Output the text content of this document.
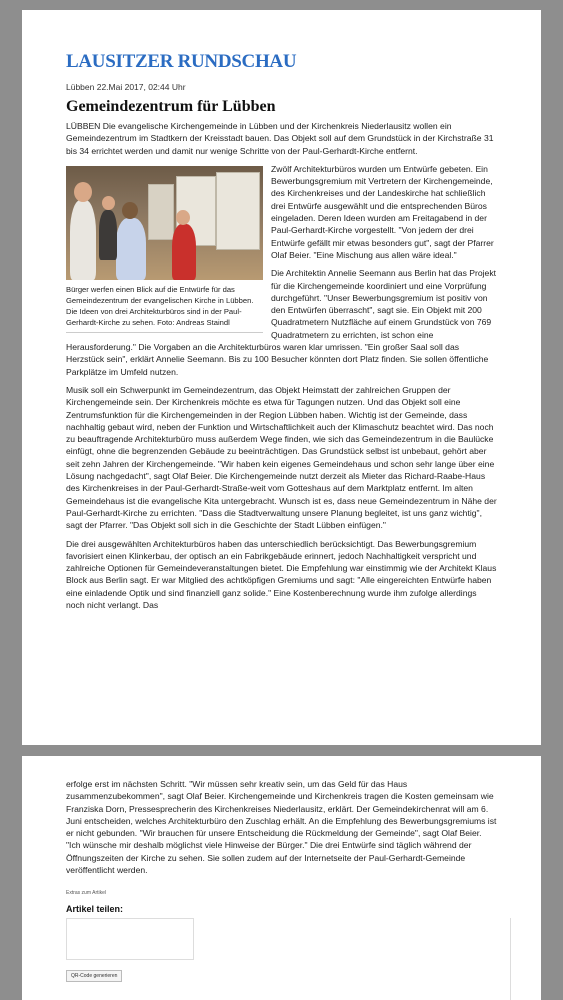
LAUSITZER RUNDSCHAU
Lübben 22.Mai 2017, 02:44 Uhr
Gemeindezentrum für Lübben
LÜBBEN Die evangelische Kirchengemeinde in Lübben und der Kirchenkreis Niederlausitz wollen ein Gemeindezentrum im Stadtkern der Kreisstadt bauen. Das Objekt soll auf dem Grundstück in der Kirchstraße 31 bis 34 errichtet werden und damit nur wenige Schritte von der Paul-Gerhardt-Kirche entfernt.
Bürger werfen einen Blick auf die Entwürfe für das Gemeindezentrum der evangelischen Kirche in Lübben. Die Ideen von drei Architekturbüros sind in der Paul-Gerhardt-Kirche zu sehen. Foto: Andreas Staindl
Zwölf Architekturbüros wurden um Entwürfe gebeten. Ein Bewerbungsgremium mit Vertretern der Kirchengemeinde, des Kirchenkreises und der Landeskirche hat schließlich drei Entwürfe ausgewählt und die entsprechenden Büros eingeladen. Deren Ideen wurden am Freitagabend in der Paul-Gerhardt-Kirche vorgestellt. "Von jedem der drei Entwürfe gefällt mir etwas besonders gut", sagt der Pfarrer Olaf Beier. "Eine Mischung aus allen wäre ideal."
Die Architektin Annelie Seemann aus Berlin hat das Projekt für die Kirchengemeinde koordiniert und eine Vorprüfung durchgeführt. "Unser Bewerbungsgremium ist positiv von den Entwürfen überrascht", sagt sie. Ein Objekt mit 200 Quadratmetern Nutzfläche auf einem Grundstück von 769 Quadratmetern zu errichten, ist schon eine Herausforderung." Die Vorgaben an die Architekturbüros waren klar umrissen. "Ein großer Saal soll das Herzstück sein", erklärt Annelie Seemann. Bis zu 100 Besucher könnten dort Platz finden. Sie sollen öffentliche Parkplätze im Umfeld nutzen.
Musik soll ein Schwerpunkt im Gemeindezentrum, das Objekt Heimstatt der zahlreichen Gruppen der Kirchengemeinde sein. Der Kirchenkreis möchte es etwa für Tagungen nutzen. Und das Objekt soll eine Zentrumsfunktion für die Kirchengemeinden in der Region Lübben haben. Wichtig ist der Gemeinde, dass nachhaltig gebaut wird, neben der Funktion und Wirtschaftlichkeit auch der Klimaschutz beachtet wird. Das noch zu beauftragende Architekturbüro muss außerdem Wege finden, wie sich das Gemeindezentrum in die Baulücke einfügt, ohne die begrenzenden Gebäude zu beeinträchtigen. Das Grundstück selbst ist unbebaut, gehört aber seit zehn Jahren der Kirchengemeinde. "Wir haben kein eigenes Gemeindehaus und schon sehr lange über eine Lösung nachgedacht", sagt Olaf Beier. Die Kirchengemeinde nutzt derzeit als Mieter das Richard-Raabe-Haus des Kirchenkreises in der Paul-Gerhardt-Straße-weit vom Gotteshaus auf dem Marktplatz entfernt. Im alten Gemeindehaus ist die evangelische Kita untergebracht. Wunsch ist es, dass neue Gemeindezentrum in Nähe der Paul-Gerhardt-Kirche zu errichten. "Dass die Stadtverwaltung unsere Planung begleitet, ist uns ganz wichtig", sagt der Pfarrer. "Das Objekt soll sich in die Geschichte der Stadt Lübben einfügen."
Die drei ausgewählten Architekturbüros haben das unterschiedlich berücksichtigt. Das Bewerbungsgremium favorisiert einen Klinkerbau, der optisch an ein Fabrikgebäude erinnert, jedoch Nachhaltigkeit verspricht und zahlreiche Optionen für Gemeindeveranstaltungen bietet. Die Empfehlung war einstimmig wie der Architekt Klaus Block aus Berlin sagt. Er war Mitglied des achtköpfigen Gremiums und sagt: "Alle eingereichten Entwürfe haben eine einladende Optik und sind finanziell ganz solide." Eine Kostenberechnung wurde ihm zufolge allerdings noch nicht verlangt. Das
erfolge erst im nächsten Schritt. "Wir müssen sehr kreativ sein, um das Geld für das Haus zusammenzubekommen", sagt Olaf Beier. Kirchengemeinde und Kirchenkreis tragen die Kosten gemeinsam wie Franziska Dorn, Pressesprecherin des Kirchenkreises Niederlausitz, erklärt. Der Gemeindekirchenrat will am 6. Juni entscheiden, welches Architekturbüro den Zuschlag erhält. An die Empfehlung des Bewerbungsgremiums ist er nicht gebunden. "Wir brauchen für unsere Entscheidung die Rückmeldung der Gemeinde", sagt Olaf Beier. "Ich wünsche mir deshalb möglichst viele Hinweise der Bürger." Die drei Entwürfe sind täglich während der Öffnungszeiten der Kirche zu sehen. Sie sollen zudem auf der Internetseite der Paul-Gerhardt-Gemeinde veröffentlicht werden.
Extras zum Artikel
Artikel teilen:
QR-Code generieren
